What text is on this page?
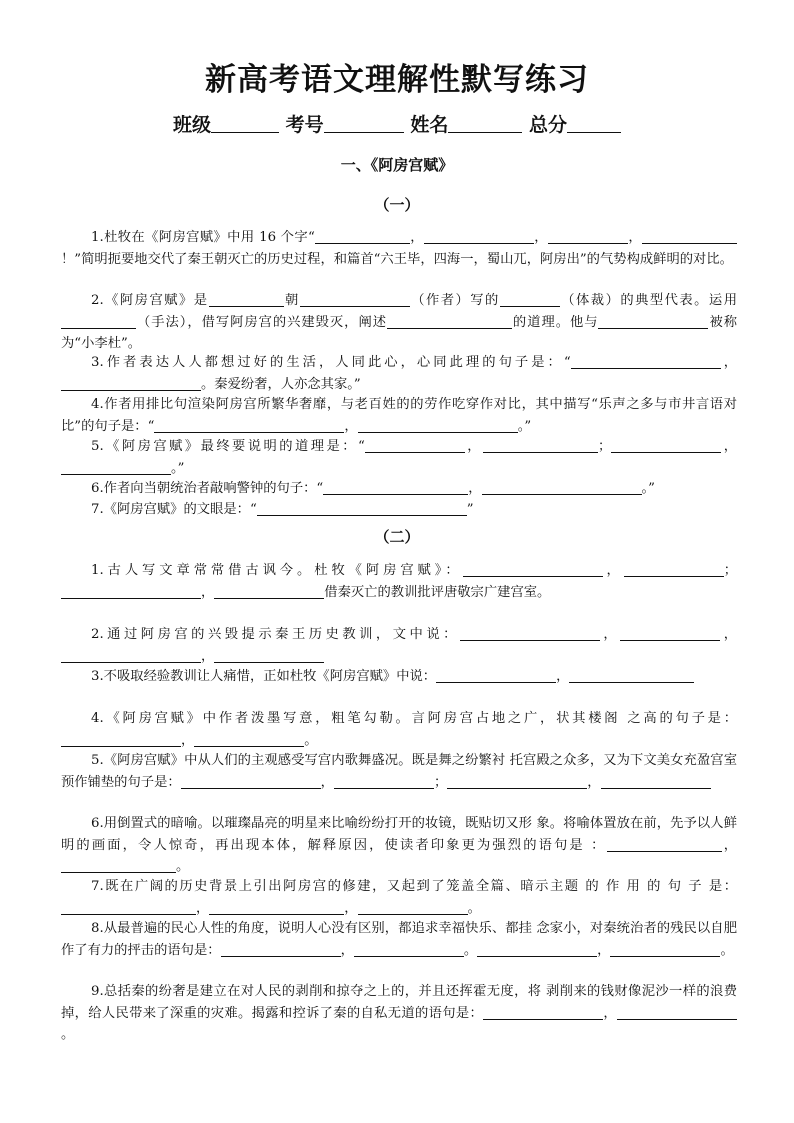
新高考语文理解性默写练习
班级	考号	姓名	总分
一、《阿房宫赋》
（一）
1.杜牧在《阿房宫赋》中用 16 个字“	，	，	，！”简明扼要地交代了秦王朝灭亡的历史过程，和篇首“六王毕，四海一，蜀山兀，阿房出”的气势构成鲜明的对比。
2.《阿房宫赋》是	朝	（作者）写的	（体裁）的典型代表。运用（手法），借写阿房宫的兴建毁灭，阐述	的道理。他与	被称为“小李杜”。
3.作者表达人人都想过好的生活，人同此心，心同此理的句子是：“	，。秦爱纷奢，人亦念其家。”
4.作者用排比句渲染阿房宫所繁华奢靡，与老百姓的的劳作吃穿作对比，其中描写“乐声之多与市井言语对比”的句子是：“	，	。”
5.《阿房宫赋》最终要说明的道理是：“	，	；	，。”
6.作者向当朝统治者敲响警钟的句子：“	，	。”
7.《阿房宫赋》的文眼是：“	”
（二）
1.古人写文章常常借古讽今。杜牧《阿房宫赋》：	，	；，	借秦灭亡的教训批评唐敬宗广建宫室。
2.通过阿房宫的兴毁提示秦王历史教训，文中说：	，	，，
3.不吸取经验教训让人痛惜，正如杜牧《阿房宫赋》中说：	，
4.《阿房宫赋》中作者泼墨写意，粗笔勾勒。言阿房宫占地之广，状其楼阁 之高的句子是：，	。
5.《阿房宫赋》中从人们的主观感受写宫内歌舞盛况。既是舞之纷繁衬 托宫殿之众多，又为下文美女充盈宫室预作铺垫的句子是：	，	；	，
6.用倒置式的暗喻。以璀璨晶亮的明星来比喻纷纷打开的妆镜，既贴切又形 象。将喻体置放在前，先予以人鲜明的画面，令人惊奇，再出现本体，解释原因，使读者印象更为强烈的语句是 ：	，。
7.既在广阔的历史背景上引出阿房宫的修建，又起到了笼盖全篇、暗示主题 的 作 用 的 句 子 是：，	，	。
8.从最普遍的民心人性的角度，说明人心没有区别，都追求幸福快乐、都挂 念家小，对秦统治者的残民以自肥作了有力的抨击的语句是：	，	。	，	。
9.总括秦的纷奢是建立在对人民的剥削和掠夺之上的，并且还挥霍无度，将 剥削来的钱财像泥沙一样的浪费掉，给人民带来了深重的灾难。揭露和控诉了秦的自私无道的语句是：	，。
